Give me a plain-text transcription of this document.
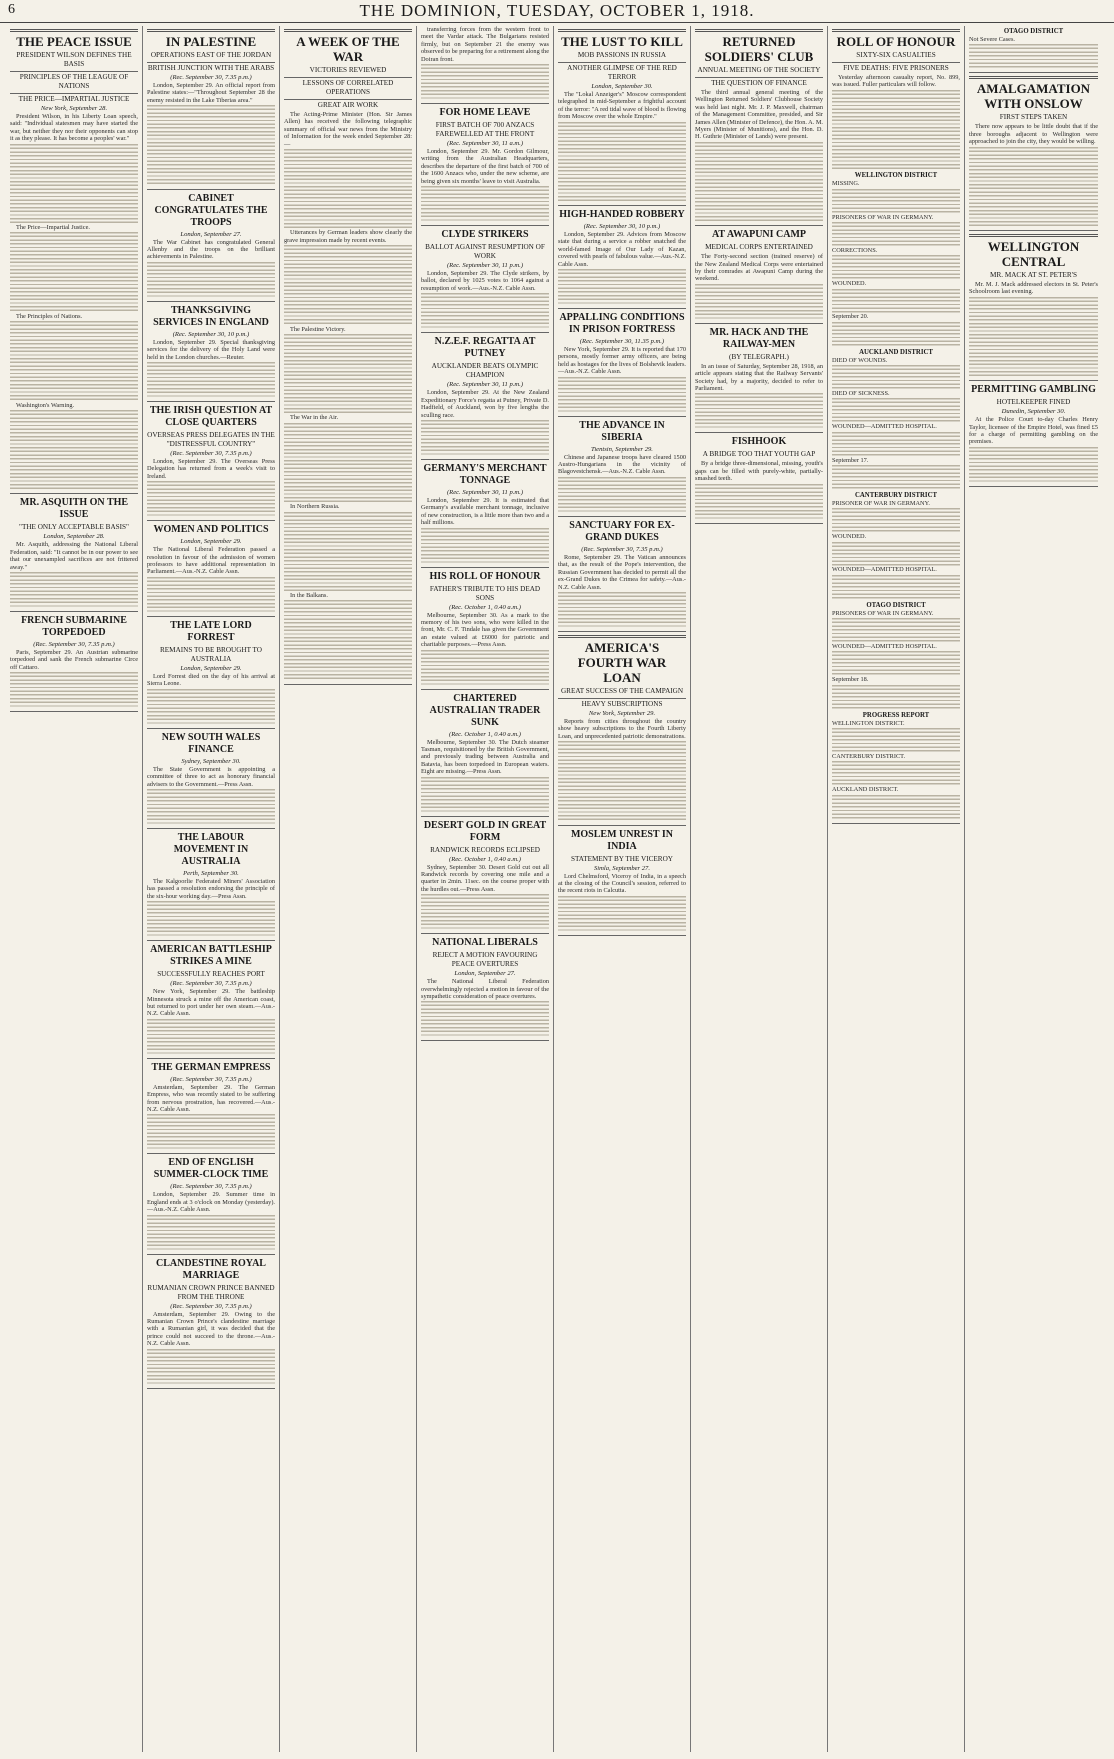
6	THE DOMINION, TUESDAY, OCTOBER 1, 1918.
THE PEACE ISSUE
PRESIDENT WILSON DEFINES THE BASIS
PRINCIPLES OF THE LEAGUE OF NATIONS
THE PRICE—IMPARTIAL JUSTICE
New York, September 28.

President Wilson, in his Liberty Loan speech, said: "Individual statesmen may have started the war, but neither they nor their opponents can stop it as they please. It has become a peoples' war."

The Price—Impartial Justice.

The Principles of Nations.

Washington's Warning.

MR. ASQUITH ON THE ISSUE
"THE ONLY ACCEPTABLE BASIS"
London, September 28.

Mr. Asquith, addressing the National Liberal Federation, said: "It cannot be in our power to see that our unexampled sacrifices are not frittered away."

FRENCH SUBMARINE TORPEDOED
(Rec. September 30, 7.35 p.m.)

Paris, September 29. An Austrian submarine torpedoed and sank the French submarine Circe off Cattaro.

IN PALESTINE
OPERATIONS EAST OF THE JORDAN
BRITISH JUNCTION WITH THE ARABS
(Rec. September 30, 7.35 p.m.)

London, September 29. An official report from Palestine states:—"Throughout September 28 the enemy resisted in the Lake Tiberias area."

CABINET CONGRATULATES THE TROOPS
London, September 27.

The War Cabinet has congratulated General Allenby and the troops on the brilliant achievements in Palestine.

THANKSGIVING SERVICES IN ENGLAND
(Rec. September 30, 10 p.m.)

London, September 29. Special thanksgiving services for the delivery of the Holy Land were held in the London churches.—Reuter.

THE IRISH QUESTION AT CLOSE QUARTERS
OVERSEAS PRESS DELEGATES IN THE "DISTRESSFUL COUNTRY"
(Rec. September 30, 7.35 p.m.)

London, September 29. The Overseas Press Delegation has returned from a week's visit to Ireland.

WOMEN AND POLITICS
London, September 29.

The National Liberal Federation passed a resolution in favour of the admission of women professors to have additional representation in Parliament.—Aus.-N.Z. Cable Assn.

THE LATE LORD FORREST
REMAINS TO BE BROUGHT TO AUSTRALIA
London, September 29.

Lord Forrest died on the day of his arrival at Sierra Leone.

NEW SOUTH WALES FINANCE
Sydney, September 30.

The State Government is appointing a committee of three to act as honorary financial advisers to the Government.—Press Assn.

THE LABOUR MOVEMENT IN AUSTRALIA
Perth, September 30.

The Kalgoorlie Federated Miners' Association has passed a resolution endorsing the principle of the six-hour working day.—Press Assn.

AMERICAN BATTLESHIP STRIKES A MINE
SUCCESSFULLY REACHES PORT
(Rec. September 30, 7.35 p.m.)

New York, September 29. The battleship Minnesota struck a mine off the American coast, but returned to port under her own steam.—Aus.-N.Z. Cable Assn.

THE GERMAN EMPRESS
(Rec. September 30, 7.35 p.m.)

Amsterdam, September 29. The German Empress, who was recently stated to be suffering from nervous prostration, has recovered.—Aus.-N.Z. Cable Assn.

END OF ENGLISH SUMMER-CLOCK TIME
(Rec. September 30, 7.35 p.m.)

London, September 29. Summer time in England ends at 3 o'clock on Monday (yesterday).—Aus.-N.Z. Cable Assn.

CLANDESTINE ROYAL MARRIAGE
RUMANIAN CROWN PRINCE BANNED FROM THE THRONE
(Rec. September 30, 7.35 p.m.)

Amsterdam, September 29. Owing to the Rumanian Crown Prince's clandestine marriage with a Rumanian girl, it was decided that the prince could not succeed to the throne.—Aus.-N.Z. Cable Assn.

A WEEK OF THE WAR
VICTORIES REVIEWED
LESSONS OF CORRELATED OPERATIONS
GREAT AIR WORK

The Acting-Prime Minister (Hon. Sir James Allen) has received the following telegraphic summary of official war news from the Ministry of Information for the week ended September 28:—

Utterances by German leaders show clearly the grave impression made by recent events.

The Palestine Victory.

The War in the Air.

In Northern Russia.

In the Balkans.

transferring forces from the western front to meet the Vardar attack. The Bulgarians resisted firmly, but on September 21 the enemy was observed to be preparing for a retirement along the Doiran front.

FOR HOME LEAVE
FIRST BATCH OF 700 ANZACS FAREWELLED AT THE FRONT
(Rec. September 30, 11 a.m.)

London, September 29. Mr. Gordon Gilmour, writing from the Australian Headquarters, describes the departure of the first batch of 700 of the 1600 Anzacs who, under the new scheme, are being given six months' leave to visit Australia.

CLYDE STRIKERS
BALLOT AGAINST RESUMPTION OF WORK
(Rec. September 30, 11 p.m.)

London, September 29. The Clyde strikers, by ballot, declared by 1025 votes to 1064 against a resumption of work.—Aus.-N.Z. Cable Assn.

N.Z.E.F. REGATTA AT PUTNEY
AUCKLANDER BEATS OLYMPIC CHAMPION
(Rec. September 30, 11 p.m.)

London, September 29. At the New Zealand Expeditionary Force's regatta at Putney, Private D. Hadfield, of Auckland, won by five lengths the sculling race.

GERMANY'S MERCHANT TONNAGE
(Rec. September 30, 11 p.m.)

London, September 29. It is estimated that Germany's available merchant tonnage, inclusive of new construction, is a little more than two and a half millions.

HIS ROLL OF HONOUR
FATHER'S TRIBUTE TO HIS DEAD SONS
(Rec. October 1, 0.40 a.m.)

Melbourne, September 30. As a mark to the memory of his two sons, who were killed in the front, Mr. C. F. Tindale has given the Government an estate valued at £6000 for patriotic and charitable purposes.—Press Assn.

CHARTERED AUSTRALIAN TRADER SUNK
(Rec. October 1, 0.40 a.m.)

Melbourne, September 30. The Dutch steamer Tasman, requisitioned by the British Government, and previously trading between Australia and Batavia, has been torpedoed in European waters. Eight are missing.—Press Assn.

DESERT GOLD IN GREAT FORM
RANDWICK RECORDS ECLIPSED
(Rec. October 1, 0.40 a.m.)

Sydney, September 30. Desert Gold cut out all Randwick records by covering one mile and a quarter in 2min. 11sec. on the course proper with the hurdles out.—Press Assn.

NATIONAL LIBERALS
REJECT A MOTION FAVOURING PEACE OVERTURES
London, September 27.

The National Liberal Federation overwhelmingly rejected a motion in favour of the sympathetic consideration of peace overtures.

THE LUST TO KILL
MOB PASSIONS IN RUSSIA
ANOTHER GLIMPSE OF THE RED TERROR
London, September 30.

The "Lokal Anzeiger's" Moscow correspondent telegraphed in mid-September a frightful account of the terror: "A red tidal wave of blood is flowing from Moscow over the whole Empire."

HIGH-HANDED ROBBERY
(Rec. September 30, 10 p.m.)

London, September 29. Advices from Moscow state that during a service a robber snatched the world-famed Image of Our Lady of Kazan, covered with pearls of fabulous value.—Aus.-N.Z. Cable Assn.

APPALLING CONDITIONS IN PRISON FORTRESS
(Rec. September 30, 11.35 p.m.)

New York, September 29. It is reported that 170 persons, mostly former army officers, are being held as hostages for the lives of Bolshevik leaders.—Aus.-N.Z. Cable Assn.

THE ADVANCE IN SIBERIA
Tientsin, September 29.

Chinese and Japanese troops have cleared 1500 Austro-Hungarians in the vicinity of Blagovestchensk.—Aus.-N.Z. Cable Assn.

SANCTUARY FOR EX-GRAND DUKES
(Rec. September 30, 7.35 p.m.)

Rome, September 29. The Vatican announces that, as the result of the Pope's intervention, the Russian Government has decided to permit all the ex-Grand Dukes to the Crimea for safety.—Aus.-N.Z. Cable Assn.

AMERICA'S FOURTH WAR LOAN
GREAT SUCCESS OF THE CAMPAIGN
HEAVY SUBSCRIPTIONS
New York, September 29.

Reports from cities throughout the country show heavy subscriptions to the Fourth Liberty Loan, and unprecedented patriotic demonstrations.

MOSLEM UNREST IN INDIA
STATEMENT BY THE VICEROY
Simla, September 27.

Lord Chelmsford, Viceroy of India, in a speech at the closing of the Council's session, referred to the recent riots in Calcutta.

RETURNED SOLDIERS' CLUB
ANNUAL MEETING OF THE SOCIETY
THE QUESTION OF FINANCE

The third annual general meeting of the Wellington Returned Soldiers' Clubhouse Society was held last night. Mr. J. P. Maxwell, chairman of the Management Committee, presided, and Sir James Allen (Minister of Defence), the Hon. A. M. Myers (Minister of Munitions), and the Hon. D. H. Guthrie (Minister of Lands) were present.

AT AWAPUNI CAMP
MEDICAL CORPS ENTERTAINED

The Forty-second section (trained reserve) of the New Zealand Medical Corps were entertained by their comrades at Awapuni Camp during the weekend.

MR. HACK AND THE RAILWAY-MEN
(BY TELEGRAPH.)

In an issue of Saturday, September 28, 1918, an article appears stating that the Railway Servants' Society had, by a majority, decided to refer to Parliament.

FISHHOOK
A BRIDGE TOO THAT YOUTH GAP

By a bridge three-dimensional, missing, youth's gaps can be filled with purely-white, partially-smashed teeth.

ROLL OF HONOUR
SIXTY-SIX CASUALTIES
FIVE DEATHS: FIVE PRISONERS

Yesterday afternoon casualty report, No. 899, was issued. Fuller particulars will follow.

WELLINGTON DISTRICT
MISSING.
PRISONERS OF WAR IN GERMANY.
CORRECTIONS.
WOUNDED.
September 20.
AUCKLAND DISTRICT
DIED OF WOUNDS.
DIED OF SICKNESS.
WOUNDED—ADMITTED HOSPITAL.
September 17.
CANTERBURY DISTRICT
PRISONER OF WAR IN GERMANY.
WOUNDED.
WOUNDED—ADMITTED HOSPITAL.
OTAGO DISTRICT
PRISONERS OF WAR IN GERMANY.
WOUNDED—ADMITTED HOSPITAL.
September 18.
PROGRESS REPORT
WELLINGTON DISTRICT.
CANTERBURY DISTRICT.
AUCKLAND DISTRICT.
OTAGO DISTRICT
Not Severe Cases.
AMALGAMATION WITH ONSLOW
FIRST STEPS TAKEN

There now appears to be little doubt that if the three boroughs adjacent to Wellington were approached to join the city, they would be willing.

WELLINGTON CENTRAL
MR. MACK AT ST. PETER'S

Mr. M. J. Mack addressed electors in St. Peter's Schoolroom last evening.

PERMITTING GAMBLING
HOTELKEEPER FINED
Dunedin, September 30.

At the Police Court to-day Charles Henry Taylor, licensee of the Empire Hotel, was fined £5 for a charge of permitting gambling on the premises.
